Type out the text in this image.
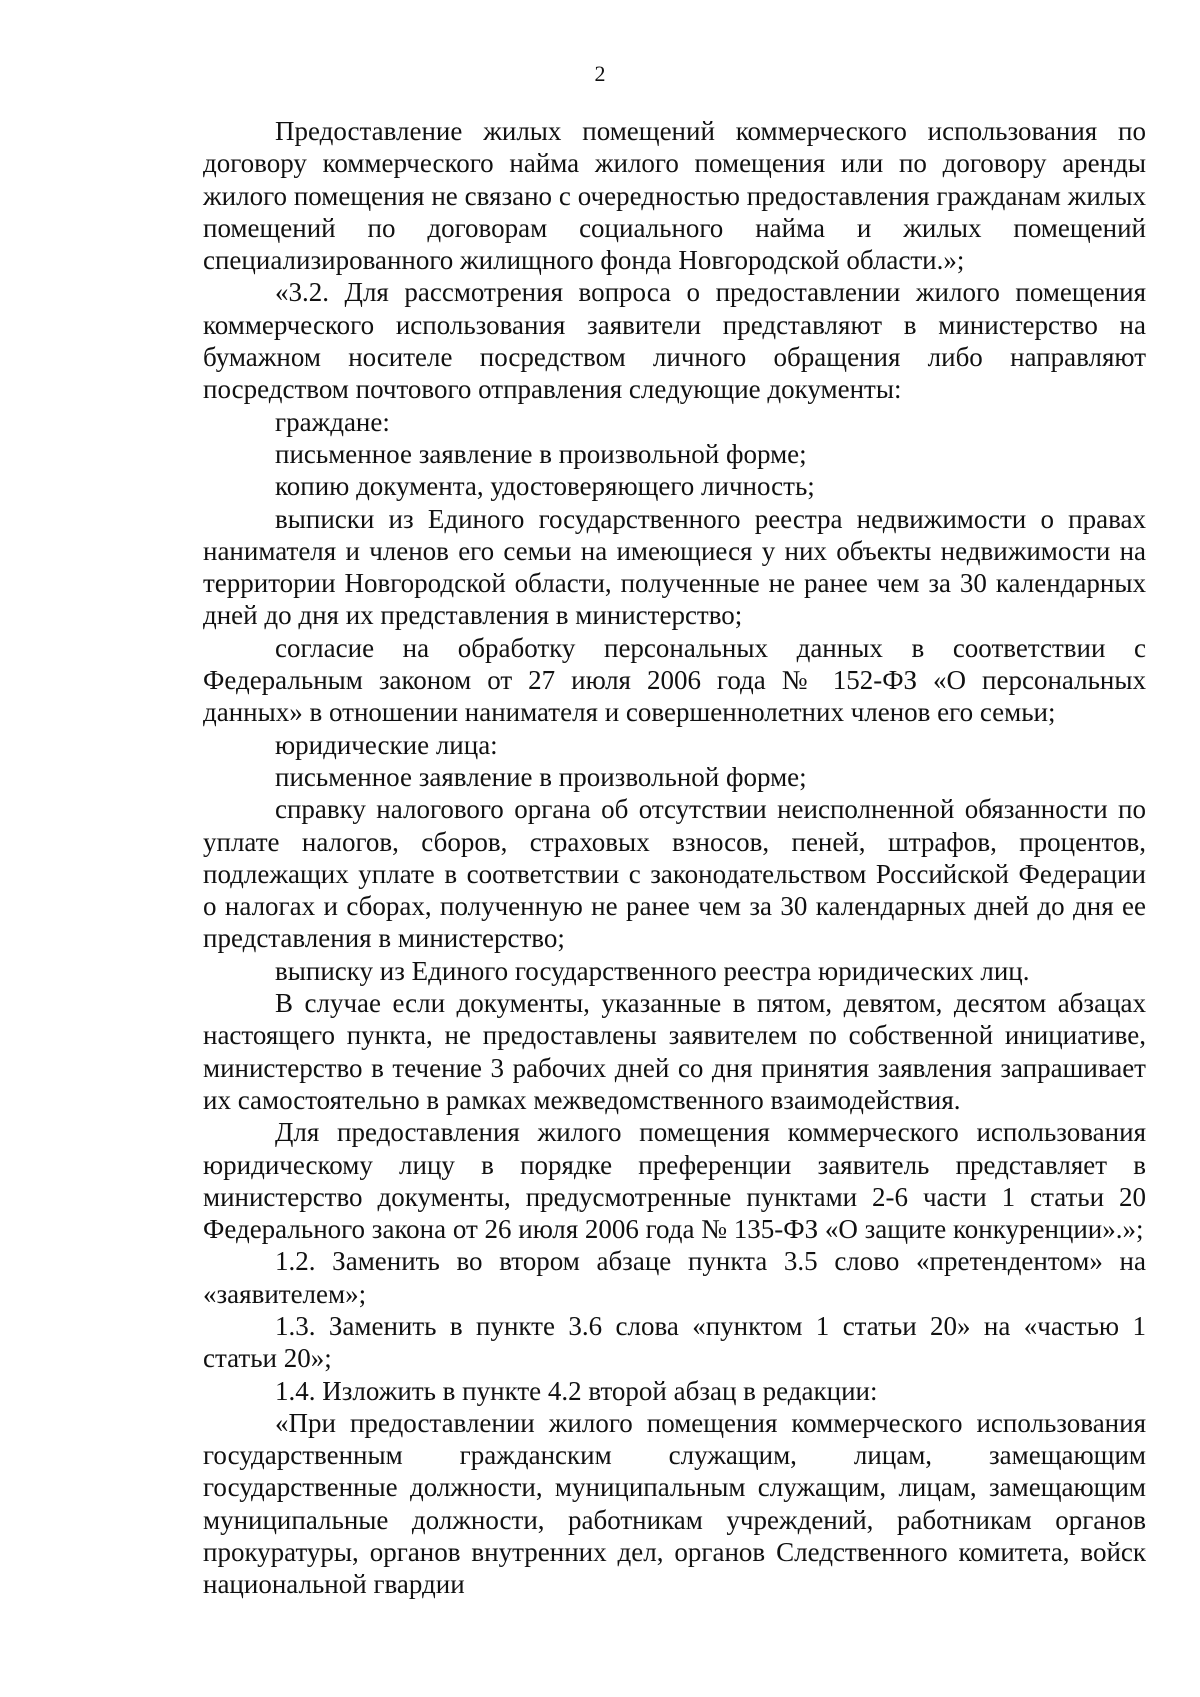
2

Предоставление жилых помещений коммерческого использования по договору коммерческого найма жилого помещения или по договору аренды жилого помещения не связано с очередностью предоставления гражданам жилых помещений по договорам социального найма и жилых помещений специализированного жилищного фонда Новгородской области.»;

«3.2. Для рассмотрения вопроса о предоставлении жилого помещения коммерческого использования заявители представляют в министерство на бумажном носителе посредством личного обращения либо направляют посредством почтового отправления следующие документы:

граждане:

письменное заявление в произвольной форме;

копию документа, удостоверяющего личность;

выписки из Единого государственного реестра недвижимости о правах нанимателя и членов его семьи на имеющиеся у них объекты недвижимости на территории Новгородской области, полученные не ранее чем за 30 календарных дней до дня их представления в министерство;

согласие на обработку персональных данных в соответствии с Федеральным законом от 27 июля 2006 года № 152-ФЗ «О персональных данных» в отношении нанимателя и совершеннолетних членов его семьи;

юридические лица:

письменное заявление в произвольной форме;

справку налогового органа об отсутствии неисполненной обязанности по уплате налогов, сборов, страховых взносов, пеней, штрафов, процентов, подлежащих уплате в соответствии с законодательством Российской Федерации о налогах и сборах, полученную не ранее чем за 30 календарных дней до дня ее представления в министерство;

выписку из Единого государственного реестра юридических лиц.

В случае если документы, указанные в пятом, девятом, десятом абзацах настоящего пункта, не предоставлены заявителем по собственной инициативе, министерство в течение 3 рабочих дней со дня принятия заявления запрашивает их самостоятельно в рамках межведомственного взаимодействия.

Для предоставления жилого помещения коммерческого использования юридическому лицу в порядке преференции заявитель представляет в министерство документы, предусмотренные пунктами 2-6 части 1 статьи 20 Федерального закона от 26 июля 2006 года № 135-ФЗ «О защите конкуренции».»;

1.2. Заменить во втором абзаце пункта 3.5 слово «претендентом» на «заявителем»;

1.3. Заменить в пункте 3.6 слова «пунктом 1 статьи 20» на «частью 1 статьи 20»;

1.4. Изложить в пункте 4.2 второй абзац в редакции:

«При предоставлении жилого помещения коммерческого использования государственным гражданским служащим, лицам, замещающим государственные должности, муниципальным служащим, лицам, замещающим муниципальные должности, работникам учреждений, работникам органов прокуратуры, органов внутренних дел, органов Следственного комитета, войск национальной гвардии
